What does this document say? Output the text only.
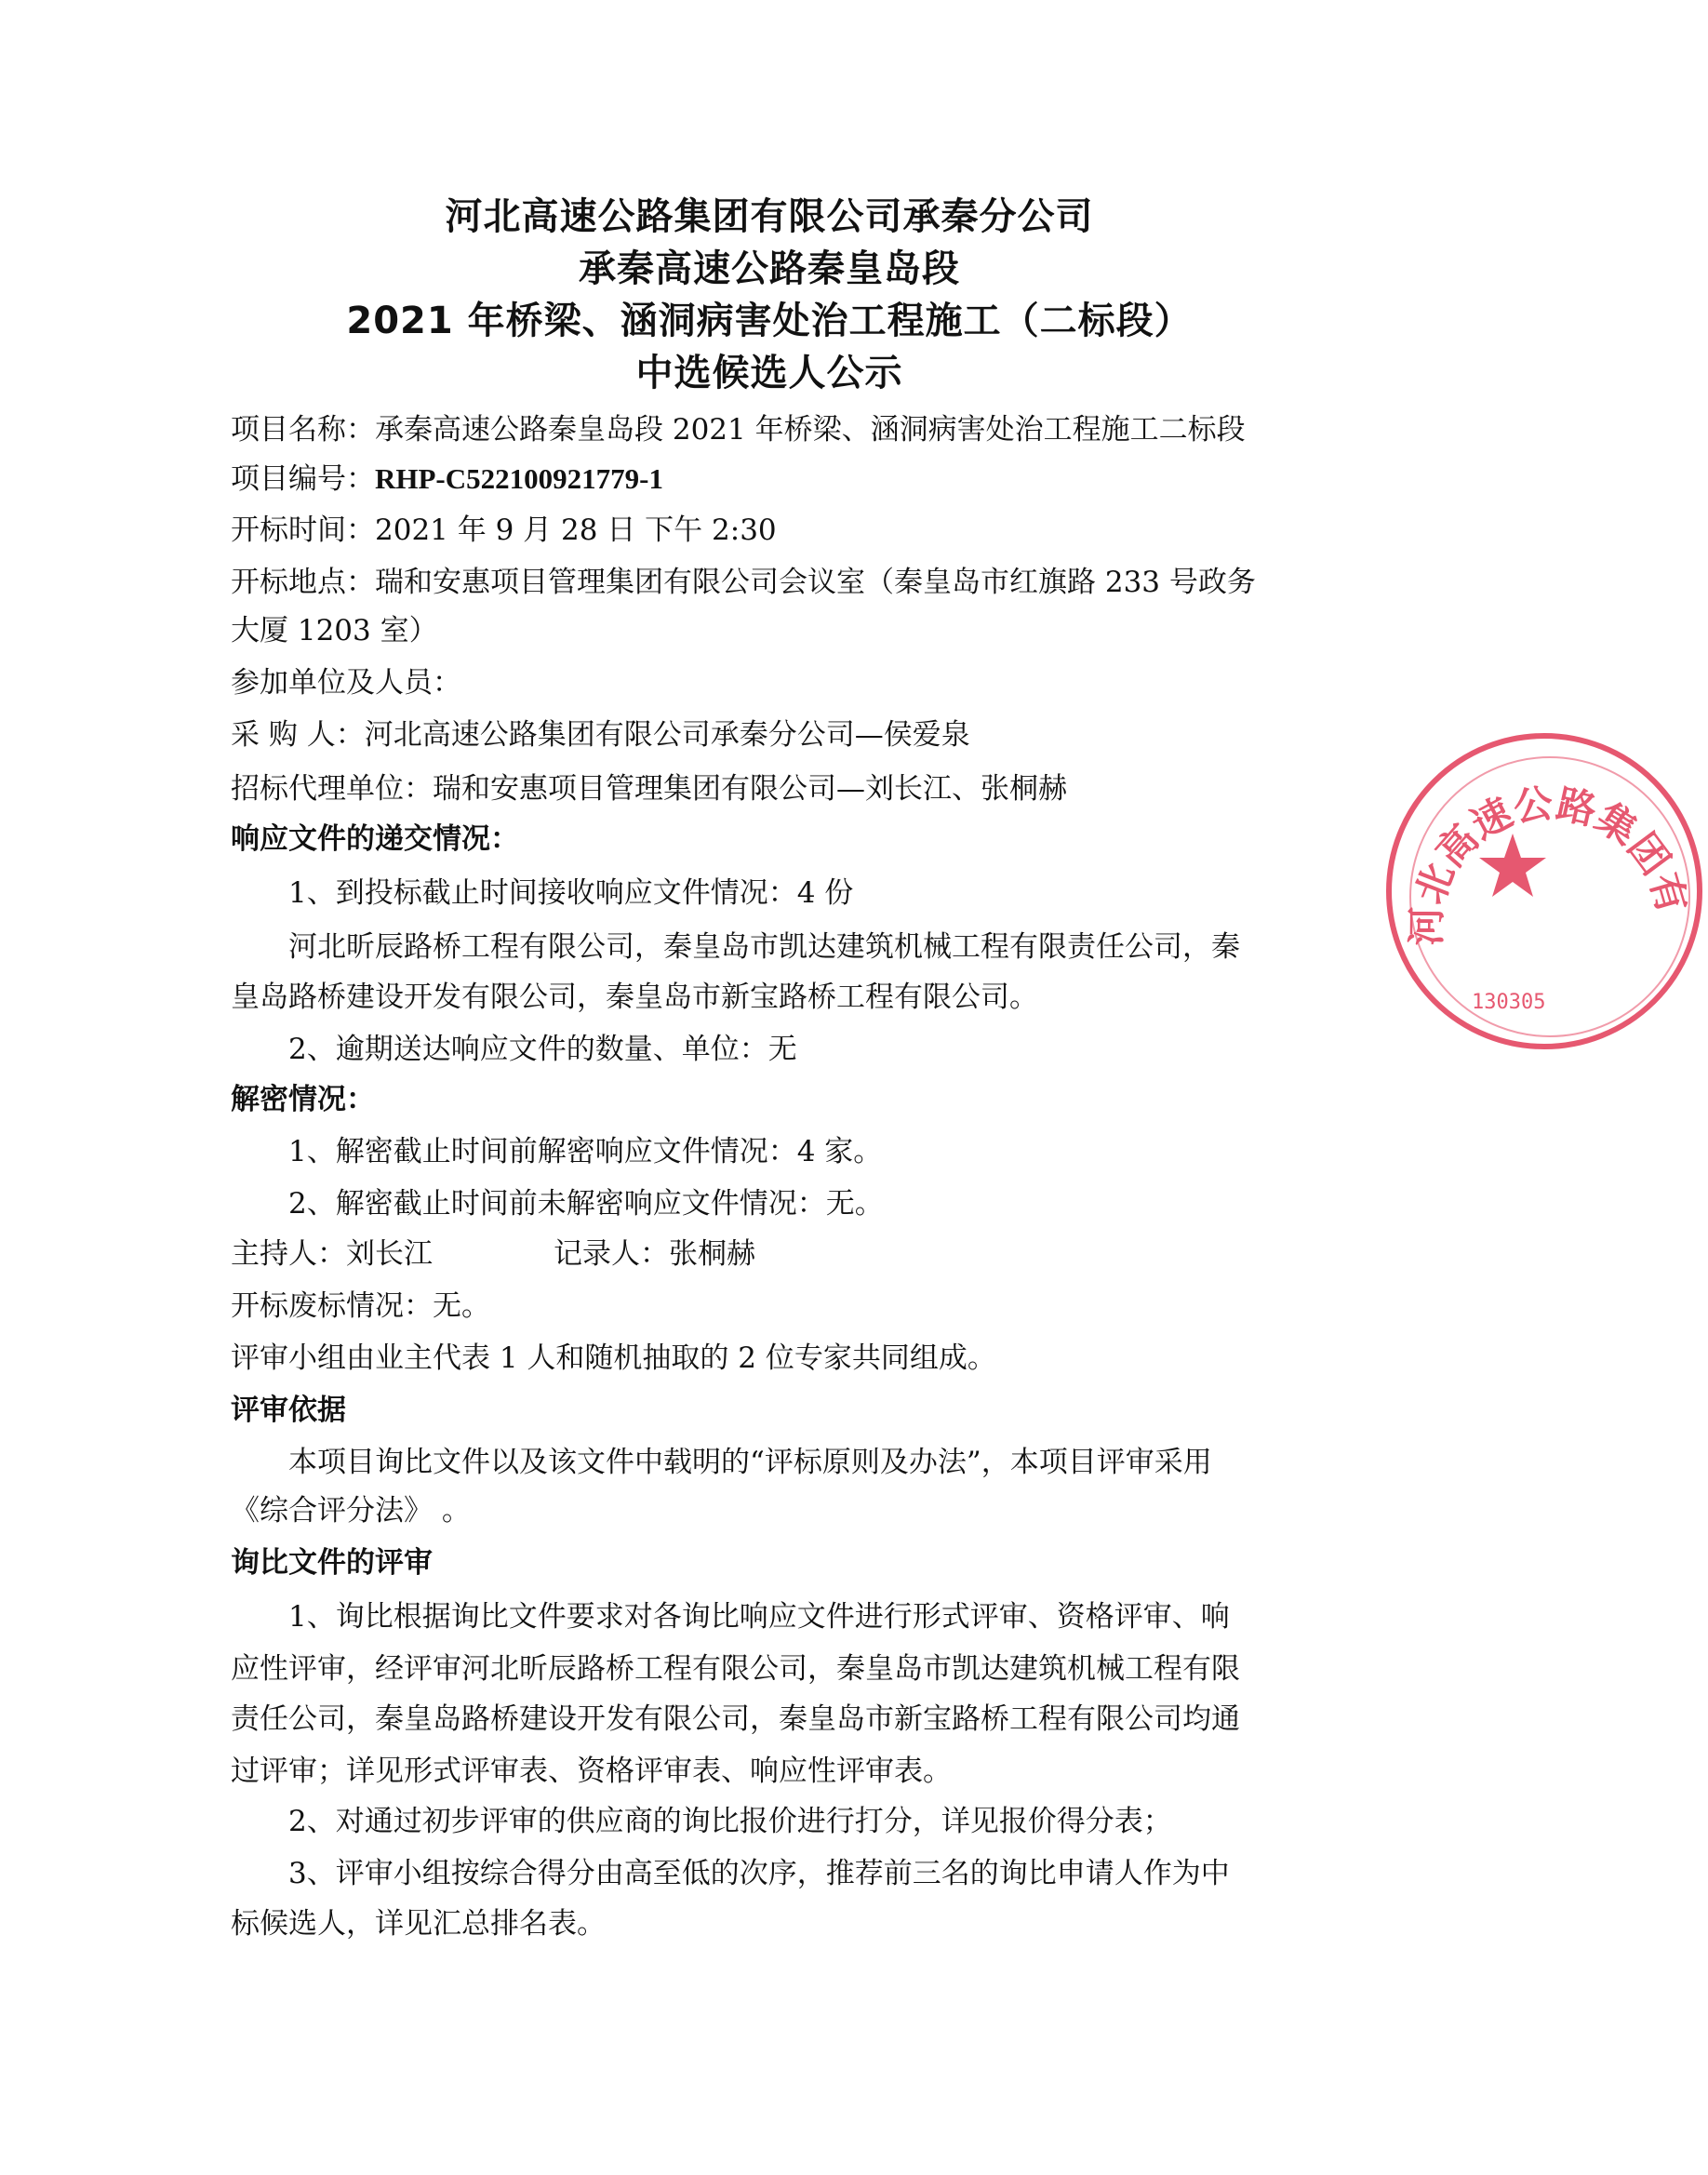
河北高速公路集团有限公司承秦分公司
承秦高速公路秦皇岛段
2021 年桥梁、涵洞病害处治工程施工（二标段）
中选候选人公示
项目名称：承秦高速公路秦皇岛段 2021 年桥梁、涵洞病害处治工程施工二标段
项目编号：RHP-C522100921779-1
开标时间：2021 年 9 月 28 日 下午 2:30
开标地点：瑞和安惠项目管理集团有限公司会议室（秦皇岛市红旗路 233 号政务
大厦 1203 室）
参加单位及人员：
采 购 人：河北高速公路集团有限公司承秦分公司—侯爱泉
招标代理单位：瑞和安惠项目管理集团有限公司—刘长江、张桐赫
响应文件的递交情况：
1、到投标截止时间接收响应文件情况：4 份
河北昕辰路桥工程有限公司，秦皇岛市凯达建筑机械工程有限责任公司，秦
皇岛路桥建设开发有限公司，秦皇岛市新宝路桥工程有限公司。
2、逾期送达响应文件的数量、单位：无
解密情况：
1、解密截止时间前解密响应文件情况：4 家。
2、解密截止时间前未解密响应文件情况：无。
主持人：刘长江	记录人：张桐赫
开标废标情况：无。
评审小组由业主代表 1 人和随机抽取的 2 位专家共同组成。
评审依据
本项目询比文件以及该文件中载明的“评标原则及办法”，本项目评审采用
《综合评分法》 。
询比文件的评审
1、询比根据询比文件要求对各询比响应文件进行形式评审、资格评审、响
应性评审，经评审河北昕辰路桥工程有限公司，秦皇岛市凯达建筑机械工程有限
责任公司，秦皇岛路桥建设开发有限公司，秦皇岛市新宝路桥工程有限公司均通
过评审；详见形式评审表、资格评审表、响应性评审表。
2、对通过初步评审的供应商的询比报价进行打分，详见报价得分表；
3、评审小组按综合得分由高至低的次序，推荐前三名的询比申请人作为中
标候选人，详见汇总排名表。
河北高速公路集团有
130305
